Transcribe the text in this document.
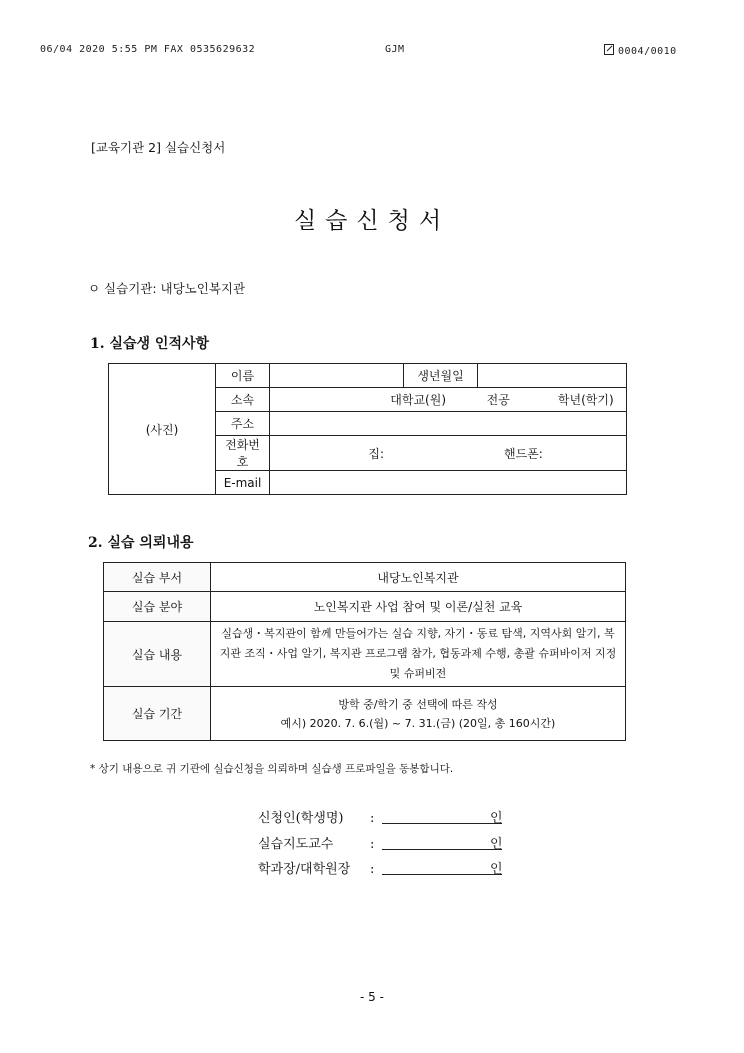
06/04 2020 5:55 PM FAX 0535629632	GJM	0004/0010
[교육기관 2] 실습신청서
실습신청서
ㅇ 실습기관: 내당노인복지관
1. 실습생 인적사항
(사진)	이름		생년월일	
	소속	대학교(원) 전공 학년(학기)		
	주소			
	전화번호	집: 핸드폰:		
	E-mail			
2. 실습 의뢰내용
실습 부서	내당노인복지관
실습 분야	노인복지관 사업 참여 및 이론/실천 교육
실습 내용	실습생・복지관이 함께 만들어가는 실습 지향, 자기・동료 탐색, 지역사회 알기, 복지관 조직・사업 알기, 복지관 프로그램 참가, 협동과제 수행, 총괄 슈퍼바이저 지정 및 슈퍼비전
실습 기간	방학 중/학기 중 선택에 따른 작성
예시) 2020. 7. 6.(월) ~ 7. 31.(금) (20일, 총 160시간)
* 상기 내용으로 귀 기관에 실습신청을 의뢰하며 실습생 프로파일을 동봉합니다.
신청인(학생명) :	인
실습지도교수	:	인
학과장/대학원장 :	인
- 5 -
